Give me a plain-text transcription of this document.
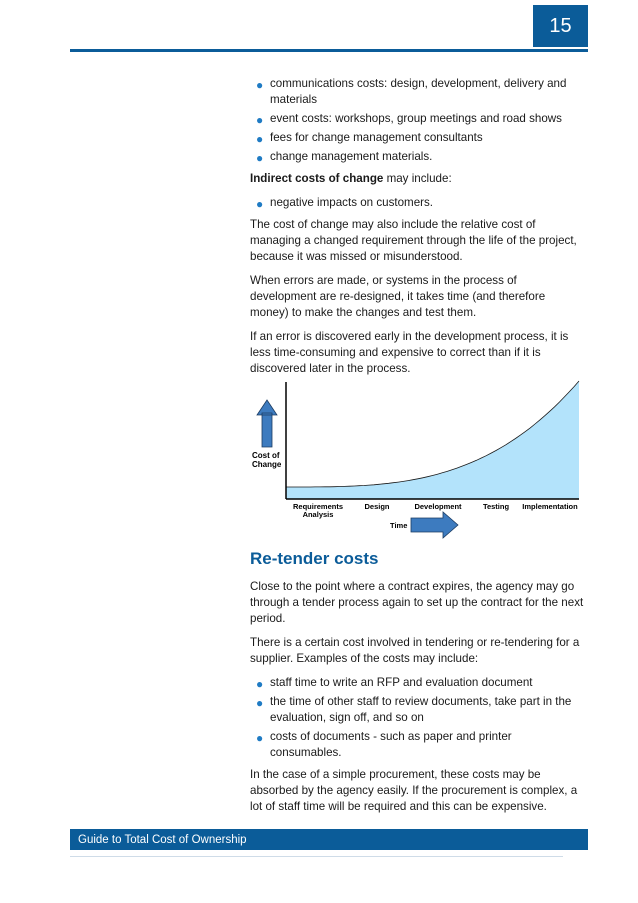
15
● communications costs: design, development, delivery and materials
● event costs: workshops, group meetings and road shows
● fees for change management consultants
● change management materials.

Indirect costs of change may include:

● negative impacts on customers.

The cost of change may also include the relative cost of managing a changed requirement through the life of the project, because it was missed or misunderstood.

When errors are made, or systems in the process of development are re-designed, it takes time (and therefore money) to make the changes and test them.

If an error is discovered early in the development process, it is less time-consuming and expensive to correct than if it is discovered later in the process.

Cost of
Change
Requirements
Analysis
Design	Development	Testing Implementation
Time
Re-tender costs

Close to the point where a contract expires, the agency may go through a tender process again to set up the contract for the next period.

There is a certain cost involved in tendering or re-tendering for a supplier. Examples of the costs may include:

● staff time to write an RFP and evaluation document
● the time of other staff to review documents, take part in the evaluation, sign off, and so on
● costs of documents - such as paper and printer consumables.

In the case of a simple procurement, these costs may be absorbed by the agency easily. If the procurement is complex, a lot of staff time will be required and this can be expensive.

Guide to Total Cost of Ownership
